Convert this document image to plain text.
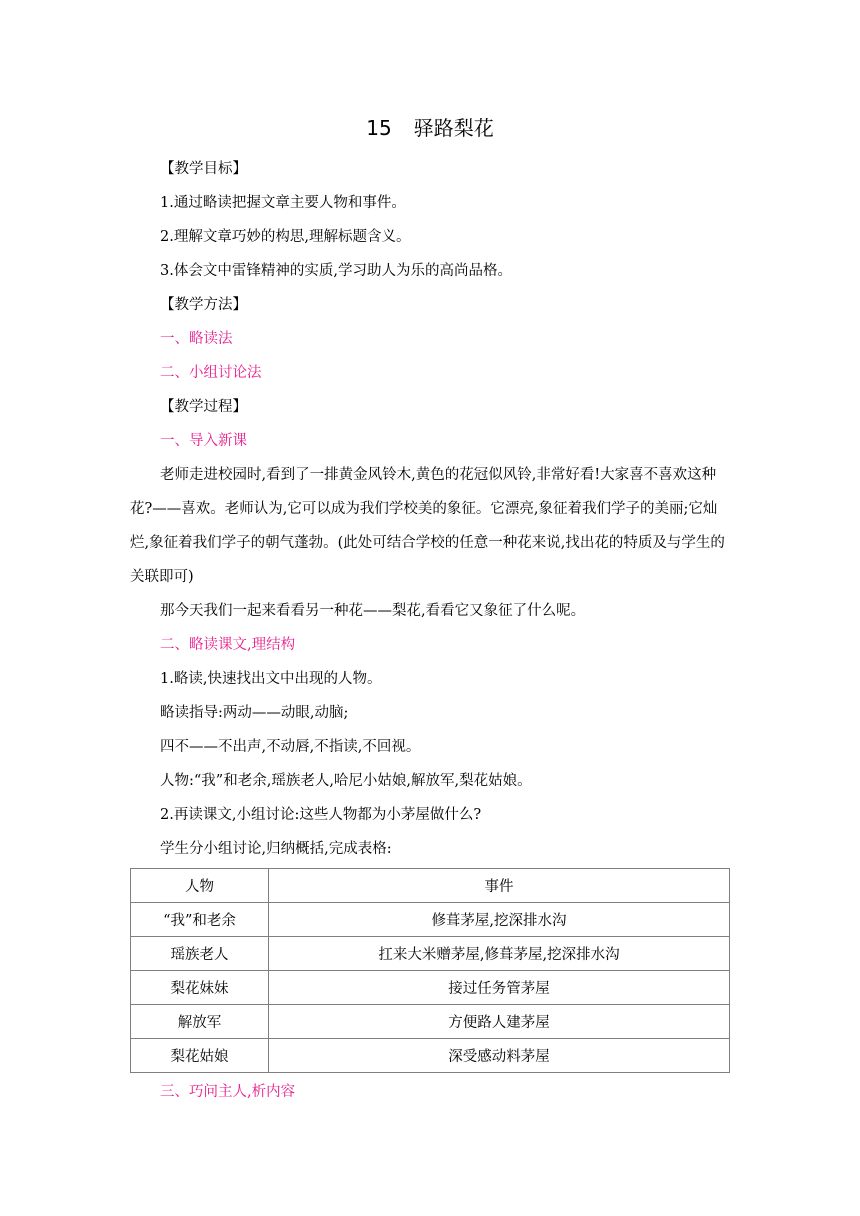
15 驿路梨花
【教学目标】
1.通过略读把握文章主要人物和事件。
2.理解文章巧妙的构思,理解标题含义。
3.体会文中雷锋精神的实质,学习助人为乐的高尚品格。
【教学方法】
一、略读法
二、小组讨论法
【教学过程】
一、导入新课
老师走进校园时,看到了一排黄金风铃木,黄色的花冠似风铃,非常好看!大家喜不喜欢这种花?——喜欢。老师认为,它可以成为我们学校美的象征。它漂亮,象征着我们学子的美丽;它灿烂,象征着我们学子的朝气蓬勃。(此处可结合学校的任意一种花来说,找出花的特质及与学生的关联即可)
那今天我们一起来看看另一种花——梨花,看看它又象征了什么呢。
二、略读课文,理结构
1.略读,快速找出文中出现的人物。
略读指导:两动——动眼,动脑;
四不——不出声,不动唇,不指读,不回视。
人物:“我”和老余,瑶族老人,哈尼小姑娘,解放军,梨花姑娘。
2.再读课文,小组讨论:这些人物都为小茅屋做什么?
学生分小组讨论,归纳概括,完成表格:
人物	事件
“我”和老余	修葺茅屋,挖深排水沟
瑶族老人	扛来大米赠茅屋,修葺茅屋,挖深排水沟
梨花妹妹	接过任务管茅屋
解放军	方便路人建茅屋
梨花姑娘	深受感动料茅屋
三、巧问主人,析内容
